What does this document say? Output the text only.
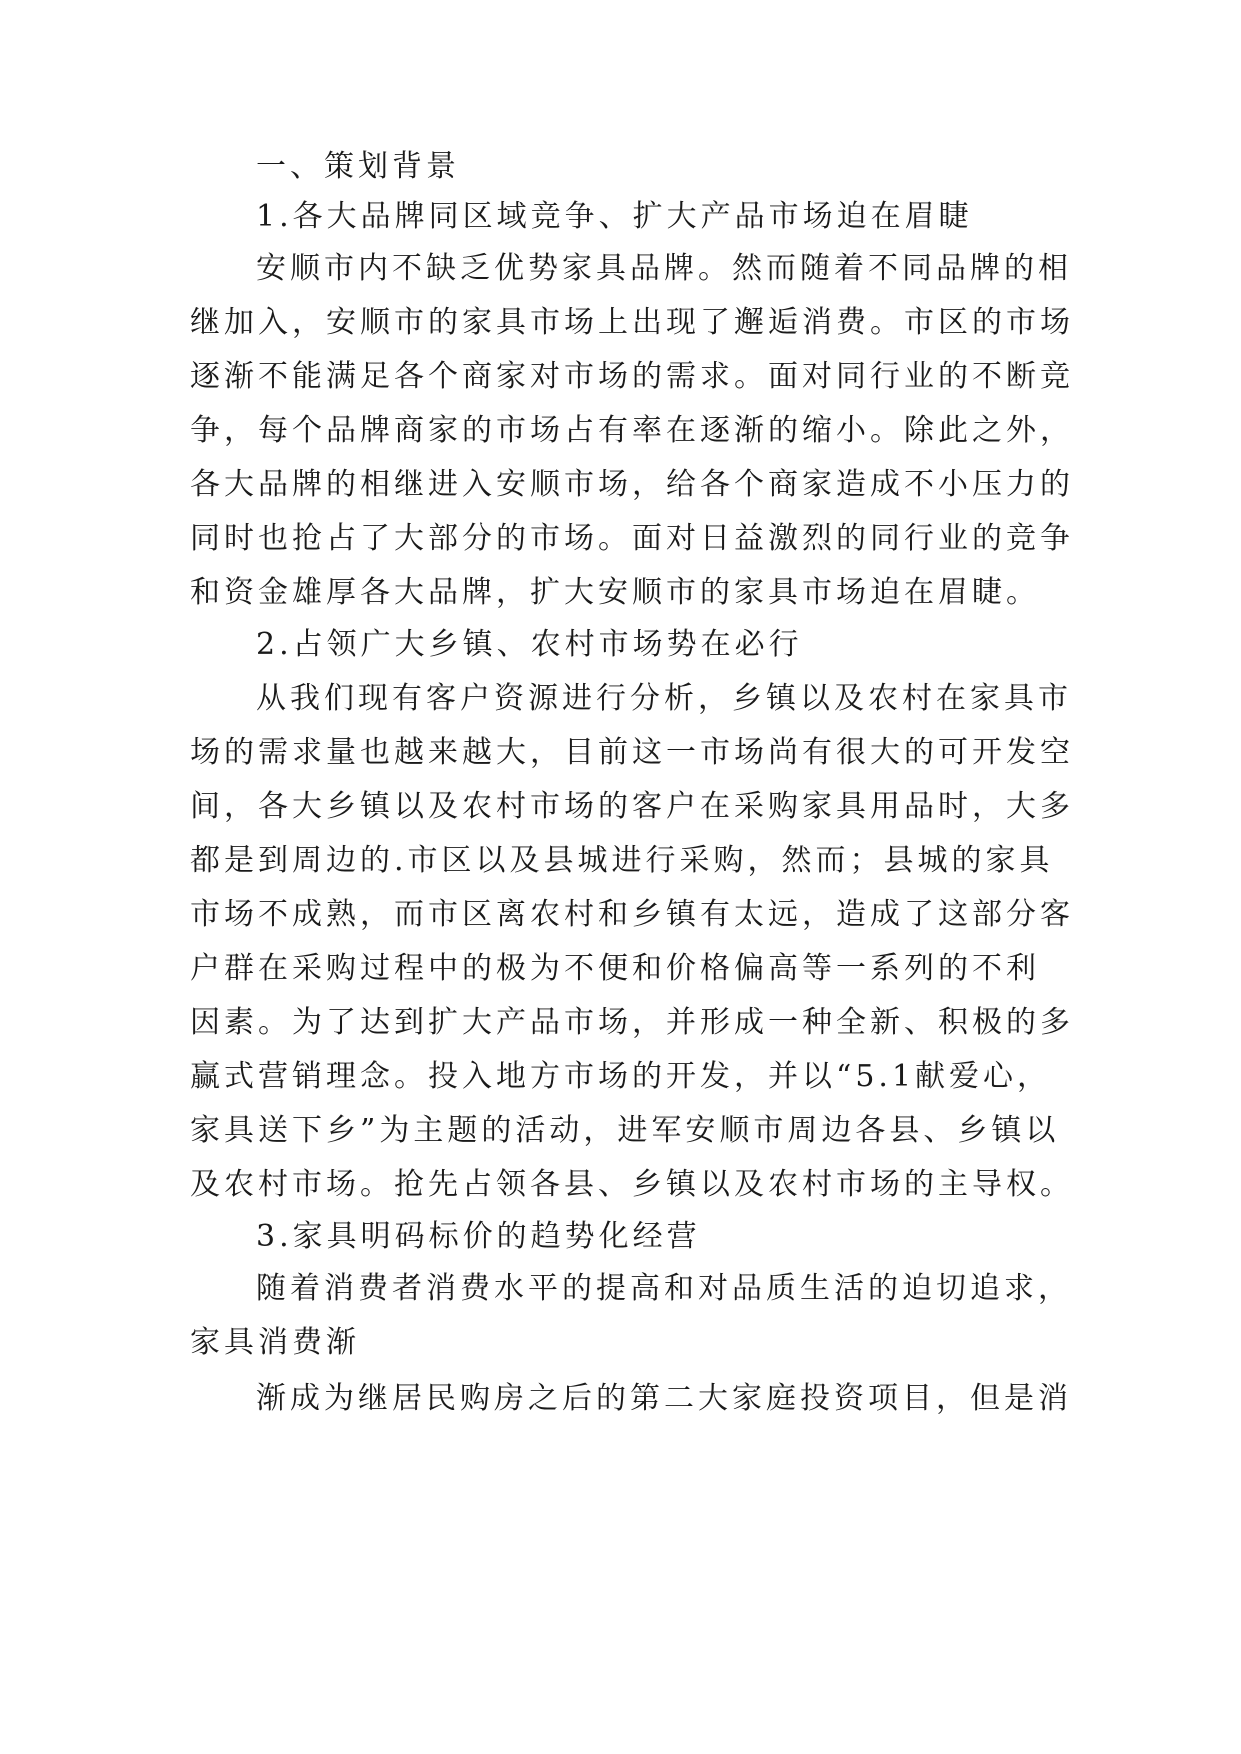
一、策划背景
1.各大品牌同区域竞争、扩大产品市场迫在眉睫
安顺市内不缺乏优势家具品牌。然而随着不同品牌的相
继加入，安顺市的家具市场上出现了邂逅消费。市区的市场
逐渐不能满足各个商家对市场的需求。面对同行业的不断竞
争，每个品牌商家的市场占有率在逐渐的缩小。除此之外，
各大品牌的相继进入安顺市场，给各个商家造成不小压力的
同时也抢占了大部分的市场。面对日益激烈的同行业的竞争
和资金雄厚各大品牌，扩大安顺市的家具市场迫在眉睫。
2.占领广大乡镇、农村市场势在必行
从我们现有客户资源进行分析，乡镇以及农村在家具市
场的需求量也越来越大，目前这一市场尚有很大的可开发空
间，各大乡镇以及农村市场的客户在采购家具用品时，大多
都是到周边的.市区以及县城进行采购，然而；县城的家具
市场不成熟，而市区离农村和乡镇有太远，造成了这部分客
户群在采购过程中的极为不便和价格偏高等一系列的不利
因素。为了达到扩大产品市场，并形成一种全新、积极的多
赢式营销理念。投入地方市场的开发，并以“5.1献爱心，
家具送下乡”为主题的活动，进军安顺市周边各县、乡镇以
及农村市场。抢先占领各县、乡镇以及农村市场的主导权。
3.家具明码标价的趋势化经营
随着消费者消费水平的提高和对品质生活的迫切追求，
家具消费渐
渐成为继居民购房之后的第二大家庭投资项目，但是消
